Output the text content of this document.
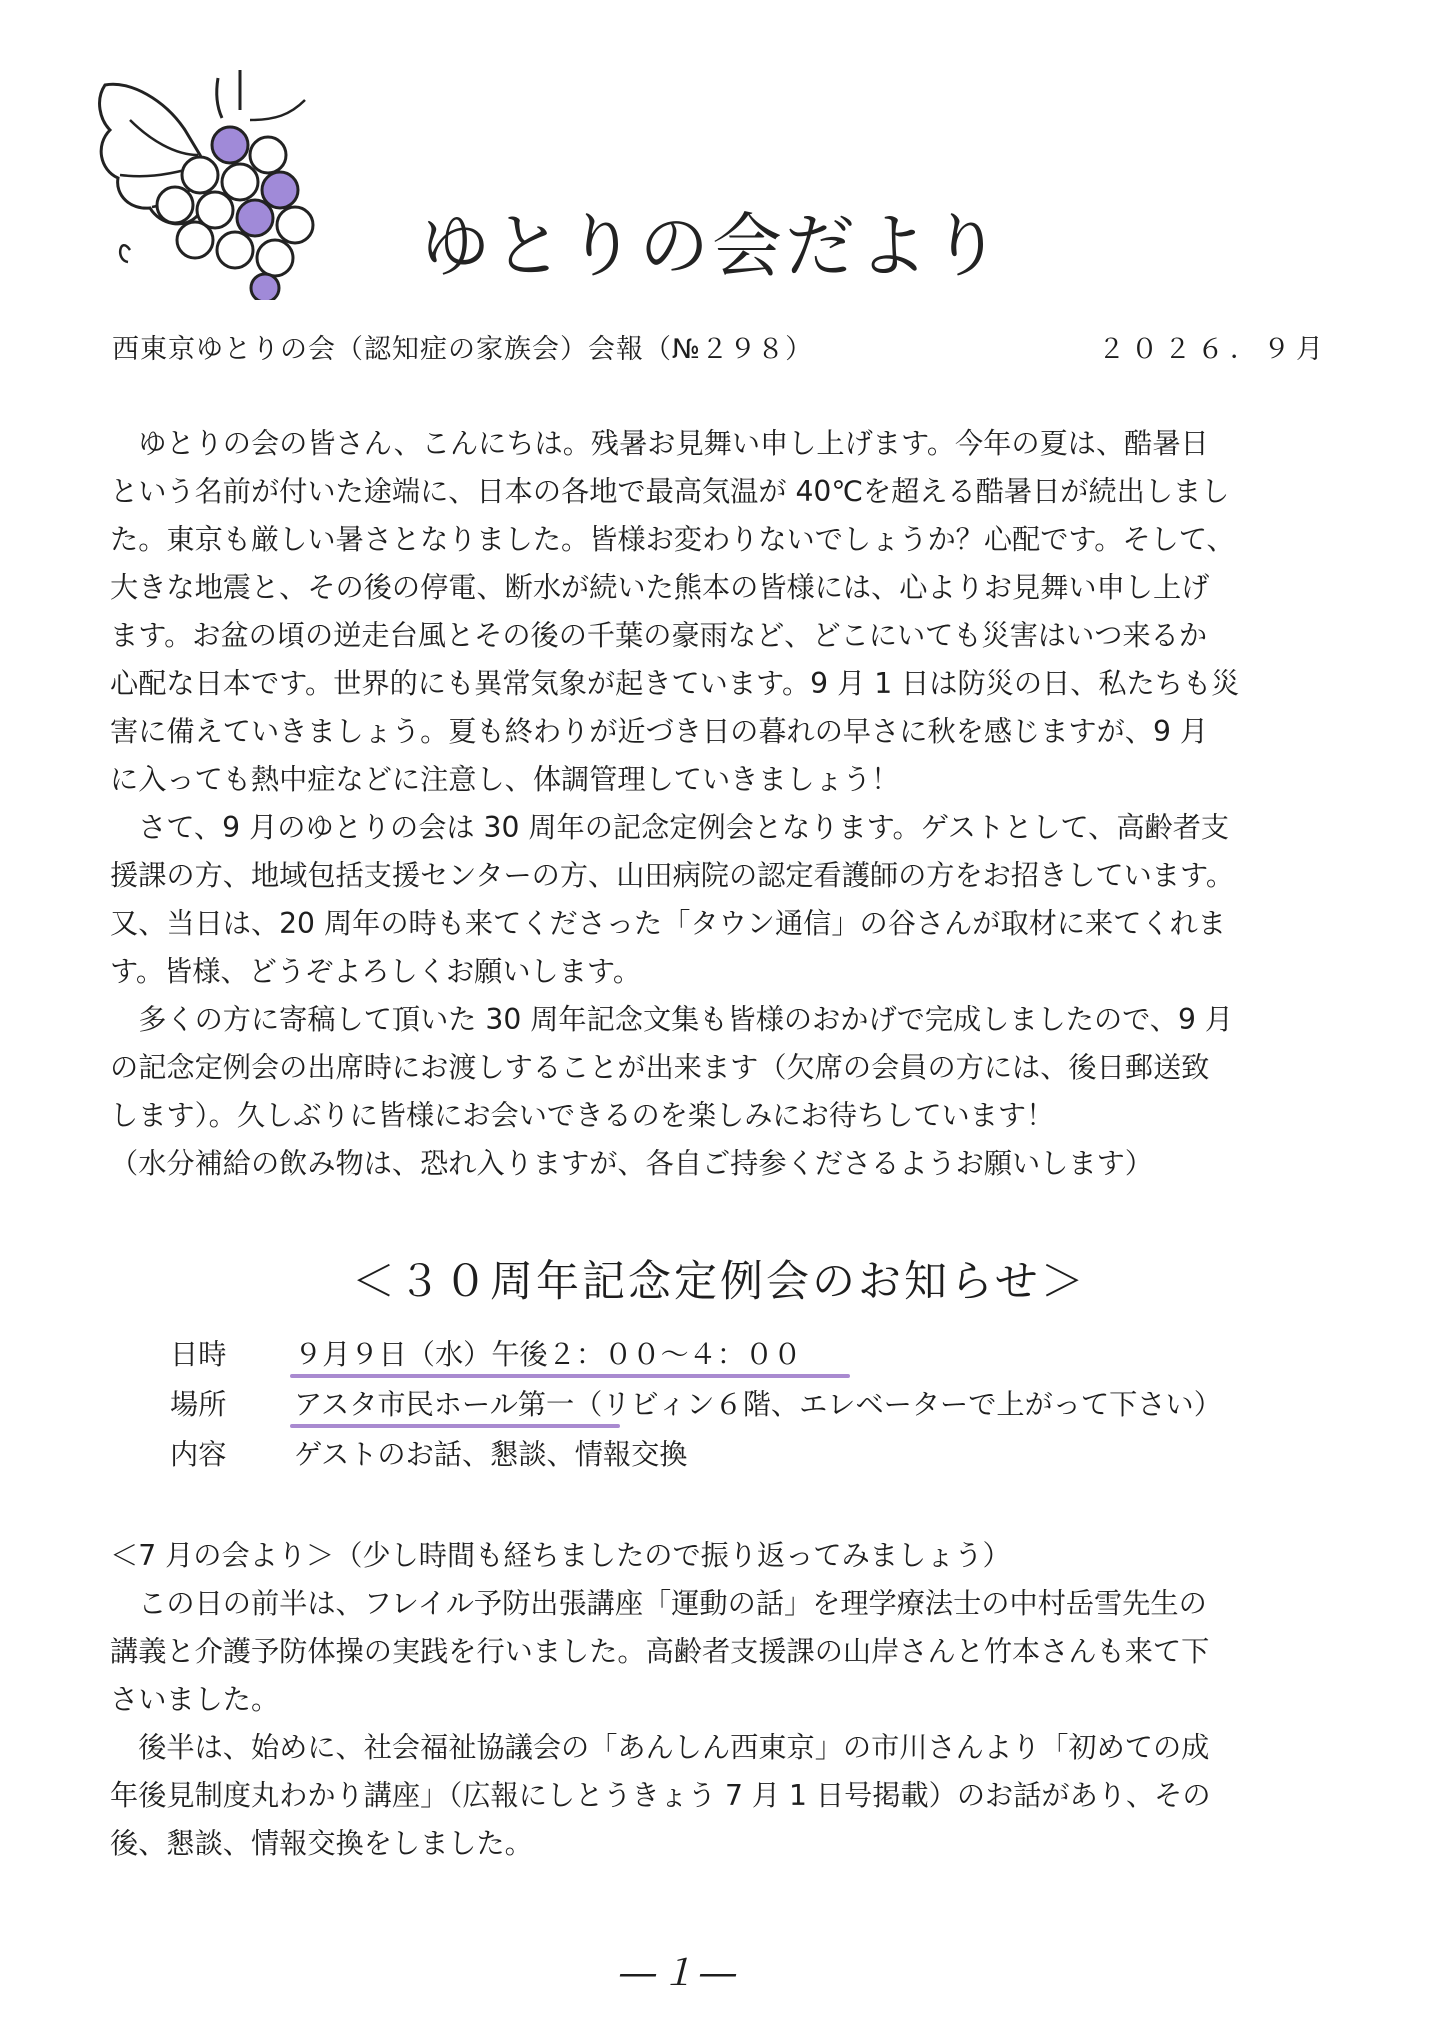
ゆとりの会だより
西東京ゆとりの会（認知症の家族会）会報（№２９８）	２０２６．９月
　ゆとりの会の皆さん、こんにちは。残暑お見舞い申し上げます。今年の夏は、酷暑日
という名前が付いた途端に、日本の各地で最高気温が 40℃を超える酷暑日が続出しまし
た。東京も厳しい暑さとなりました。皆様お変わりないでしょうか？心配です。そして、
大きな地震と、その後の停電、断水が続いた熊本の皆様には、心よりお見舞い申し上げ
ます。お盆の頃の逆走台風とその後の千葉の豪雨など、どこにいても災害はいつ来るか
心配な日本です。世界的にも異常気象が起きています。9 月 1 日は防災の日、私たちも災
害に備えていきましょう。夏も終わりが近づき日の暮れの早さに秋を感じますが、9 月
に入っても熱中症などに注意し、体調管理していきましょう！
　さて、9 月のゆとりの会は 30 周年の記念定例会となります。ゲストとして、高齢者支
援課の方、地域包括支援センターの方、山田病院の認定看護師の方をお招きしています。
又、当日は、20 周年の時も来てくださった「タウン通信」の谷さんが取材に来てくれま
す。皆様、どうぞよろしくお願いします。
　多くの方に寄稿して頂いた 30 周年記念文集も皆様のおかげで完成しましたので、9 月
の記念定例会の出席時にお渡しすることが出来ます（欠席の会員の方には、後日郵送致
します）。久しぶりに皆様にお会いできるのを楽しみにお待ちしています！
（水分補給の飲み物は、恐れ入りますが、各自ご持参くださるようお願いします）
＜３０周年記念定例会のお知らせ＞
日時 ９月９日（水）午後２：００～４：００
場所 アスタ市民ホール第一（リビィン６階、エレベーターで上がって下さい）
内容 ゲストのお話、懇談、情報交換
＜7 月の会より＞（少し時間も経ちましたので振り返ってみましょう）
　この日の前半は、フレイル予防出張講座「運動の話」を理学療法士の中村岳雪先生の
講義と介護予防体操の実践を行いました。高齢者支援課の山岸さんと竹本さんも来て下
さいました。
　後半は、始めに、社会福祉協議会の「あんしん西東京」の市川さんより「初めての成
年後見制度丸わかり講座」（広報にしとうきょう 7 月 1 日号掲載）のお話があり、その
後、懇談、情報交換をしました。
―１―
